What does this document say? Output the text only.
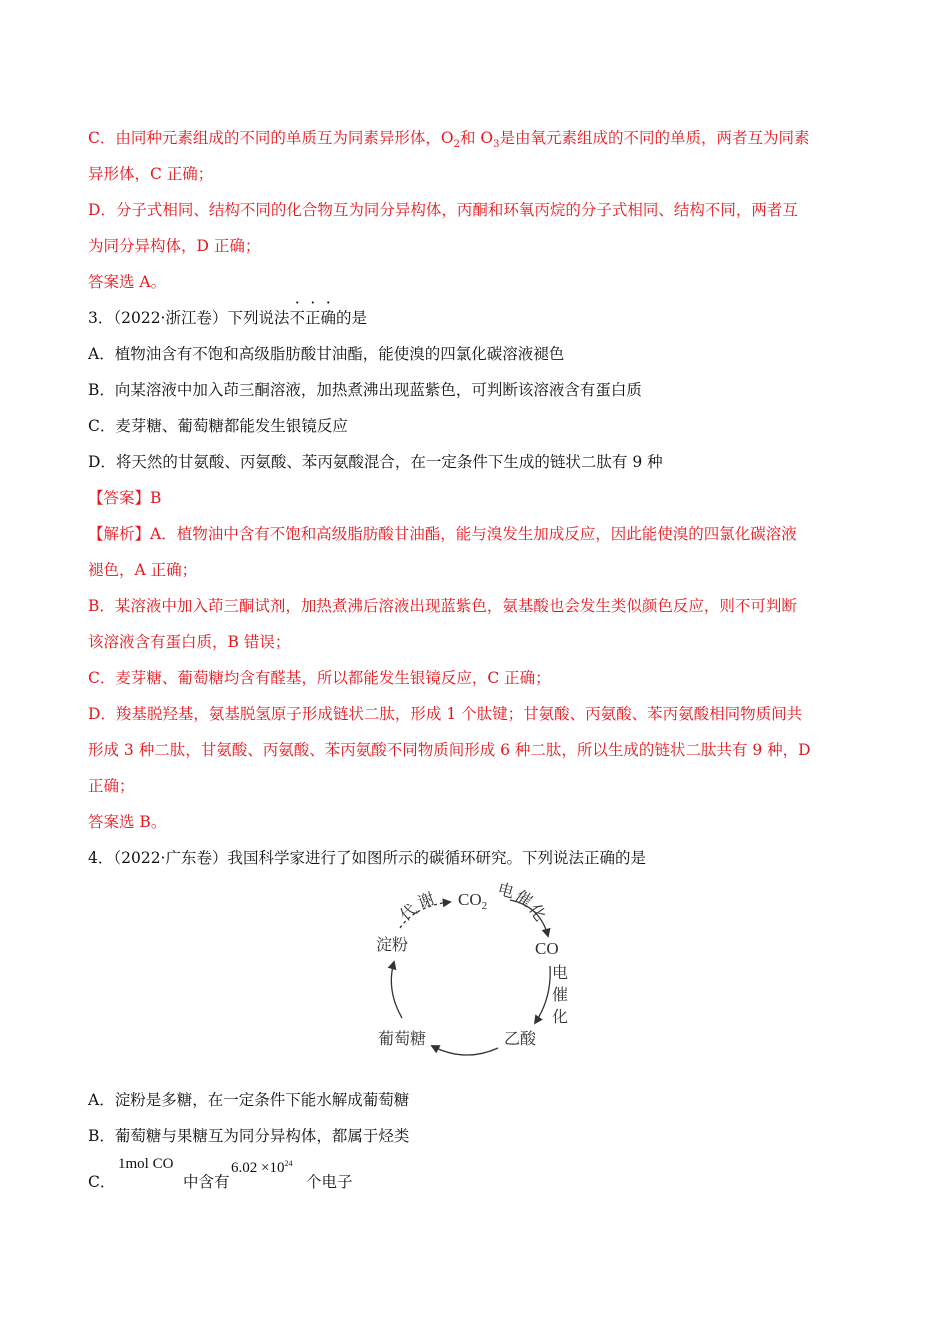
C．由同种元素组成的不同的单质互为同素异形体，$O_2$和 $O_3$是由氧元素组成的不同的单质，两者互为同素

异形体，C 正确；

D．分子式相同、结构不同的化合物互为同分异构体，丙酮和环氧丙烷的分子式相同、结构不同，两者互

为同分异构体，D 正确；

答案选 A。

3．（2022·浙江卷）下列说法
·
不
·
正
·
确的是

A．植物油含有不饱和高级脂肪酸甘油酯，能使溴的四氯化碳溶液褪色

B．向某溶液中加入茚三酮溶液，加热煮沸出现蓝紫色，可判断该溶液含有蛋白质

C．麦芽糖、葡萄糖都能发生银镜反应

D．将天然的甘氨酸、丙氨酸、苯丙氨酸混合，在一定条件下生成的链状二肽有 9 种

【答案】B

【解析】A．植物油中含有不饱和高级脂肪酸甘油酯，能与溴发生加成反应，因此能使溴的四氯化碳溶液

褪色，A 正确；

B．某溶液中加入茚三酮试剂，加热煮沸后溶液出现蓝紫色，氨基酸也会发生类似颜色反应，则不可判断

该溶液含有蛋白质，B 错误；

C．麦芽糖、葡萄糖均含有醛基，所以都能发生银镜反应，C 正确；

D．羧基脱羟基，氨基脱氢原子形成链状二肽，形成 1 个肽键；甘氨酸、丙氨酸、苯丙氨酸相同物质间共

形成 3 种二肽，甘氨酸、丙氨酸、苯丙氨酸不同物质间形成 6 种二肽，所以生成的链状二肽共有 9 种，D

正确；

答案选 B。

4．（2022·广东卷）我国科学家进行了如图所示的碳循环研究。下列说法正确的是

$CO_2$
CO
淀粉
葡萄糖	乙酸
代
谢	电
催
化
电
催
化

A．淀粉是多糖，在一定条件下能水解成葡萄糖

B．葡萄糖与果糖互为同分异构体，都属于烃类

C．
1mol CO
中含有
$6.02 \times 10^{24}$
个电子
